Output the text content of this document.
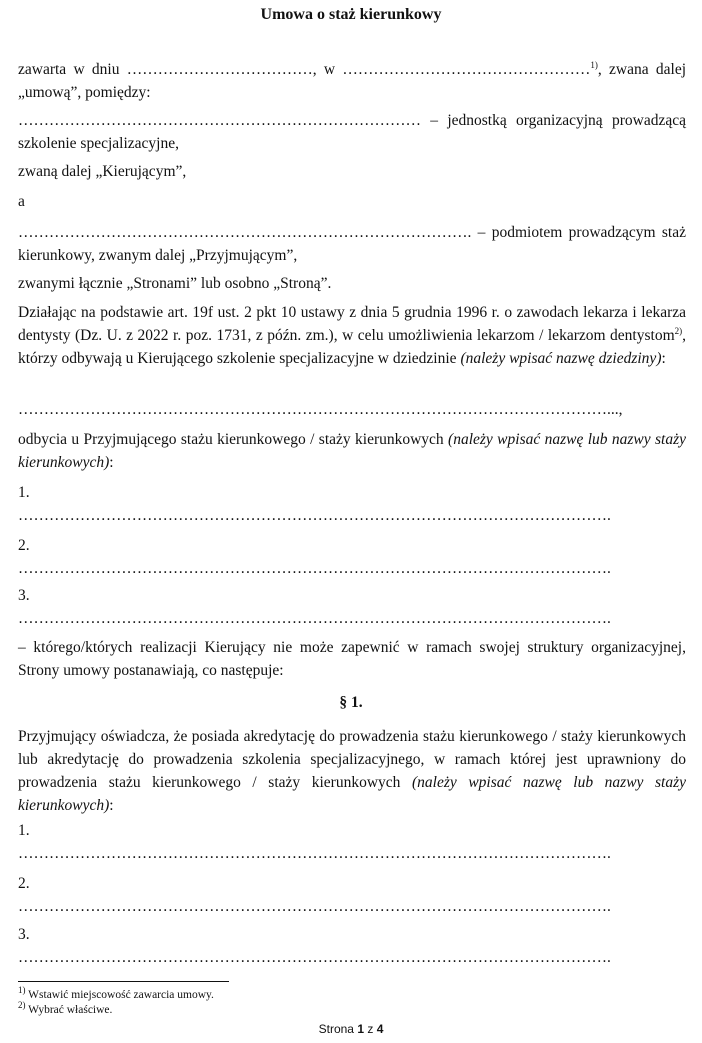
Umowa o staż kierunkowy
zawarta w dniu ………………………………, w …………………………………………$^{1)}$, zwana dalej „umową”, pomiędzy:
…………………………………………………………………… – jednostką organizacyjną prowadzącą szkolenie specjalizacyjne,
zwaną dalej „Kierującym”,
a
……………………………………………………………………………. – podmiotem prowadzącym staż kierunkowy, zwanym dalej „Przyjmującym”,
zwanymi łącznie „Stronami” lub osobno „Stroną”.
Działając na podstawie art. 19f ust. 2 pkt 10 ustawy z dnia 5 grudnia 1996 r. o zawodach lekarza i lekarza dentysty (Dz. U. z 2022 r. poz. 1731, z późn. zm.), w celu umożliwienia lekarzom / lekarzom dentystom$^{2)}$, którzy odbywają u Kierującego szkolenie specjalizacyjne w dziedzinie (należy wpisać nazwę dziedziny):
……………………………………………………………………………………………………...,
odbycia u Przyjmującego stażu kierunkowego / staży kierunkowych (należy wpisać nazwę lub nazwy staży kierunkowych):
1.
…………………………………………………………………………………………………….
2.
…………………………………………………………………………………………………….
3.
…………………………………………………………………………………………………….
– którego/których realizacji Kierujący nie może zapewnić w ramach swojej struktury organizacyjnej, Strony umowy postanawiają, co następuje:
§ 1.
Przyjmujący oświadcza, że posiada akredytację do prowadzenia stażu kierunkowego / staży kierunkowych lub akredytację do prowadzenia szkolenia specjalizacyjnego, w ramach której jest uprawniony do prowadzenia stażu kierunkowego / staży kierunkowych (należy wpisać nazwę lub nazwy staży kierunkowych):
1.
…………………………………………………………………………………………………….
2.
…………………………………………………………………………………………………….
3.
…………………………………………………………………………………………………….
$^{1)}$ Wstawić miejscowość zawarcia umowy.
$^{2)}$ Wybrać właściwe.
Strona 1 z 4
